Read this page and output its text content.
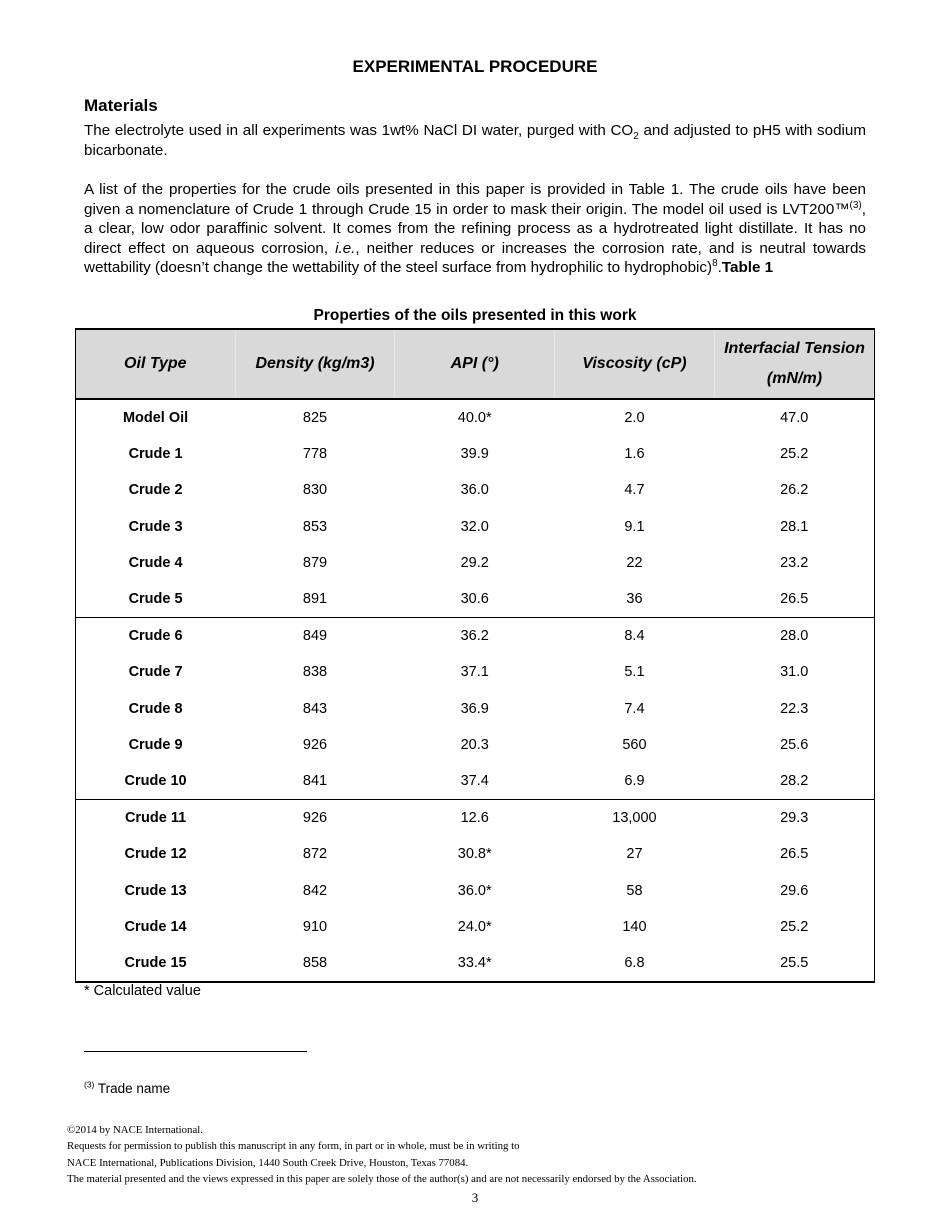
EXPERIMENTAL PROCEDURE
Materials

The electrolyte used in all experiments was 1wt% NaCl DI water, purged with $CO_2$ and adjusted to pH5 with sodium bicarbonate.

A list of the properties for the crude oils presented in this paper is provided in Table 1. The crude oils have been given a nomenclature of Crude 1 through Crude 15 in order to mask their origin. The model oil used is LVT200™$^{(3)}$, a clear, low odor paraffinic solvent. It comes from the refining process as a hydrotreated light distillate. It has no direct effect on aqueous corrosion, i.e., neither reduces or increases the corrosion rate, and is neutral towards wettability (doesn’t change the wettability of the steel surface from hydrophilic to hydrophobic)$^8$.Table 1

Properties of the oils presented in this work
Oil Type	Density (kg/m3)	API (°)	Viscosity (cP)	Interfacial Tension (mN/m)
Model Oil	825	40.0*	2.0	47.0
Crude 1	778	39.9	1.6	25.2
Crude 2	830	36.0	4.7	26.2
Crude 3	853	32.0	9.1	28.1
Crude 4	879	29.2	22	23.2
Crude 5	891	30.6	36	26.5
Crude 6	849	36.2	8.4	28.0
Crude 7	838	37.1	5.1	31.0
Crude 8	843	36.9	7.4	22.3
Crude 9	926	20.3	560	25.6
Crude 10	841	37.4	6.9	28.2
Crude 11	926	12.6	13,000	29.3
Crude 12	872	30.8*	27	26.5
Crude 13	842	36.0*	58	29.6
Crude 14	910	24.0*	140	25.2
Crude 15	858	33.4*	6.8	25.5

* Calculated value

$^{(3)}$ Trade name

©2014 by NACE International.
Requests for permission to publish this manuscript in any form, in part or in whole, must be in writing to
NACE International, Publications Division, 1440 South Creek Drive, Houston, Texas 77084.
The material presented and the views expressed in this paper are solely those of the author(s) and are not necessarily endorsed by the Association.
3
